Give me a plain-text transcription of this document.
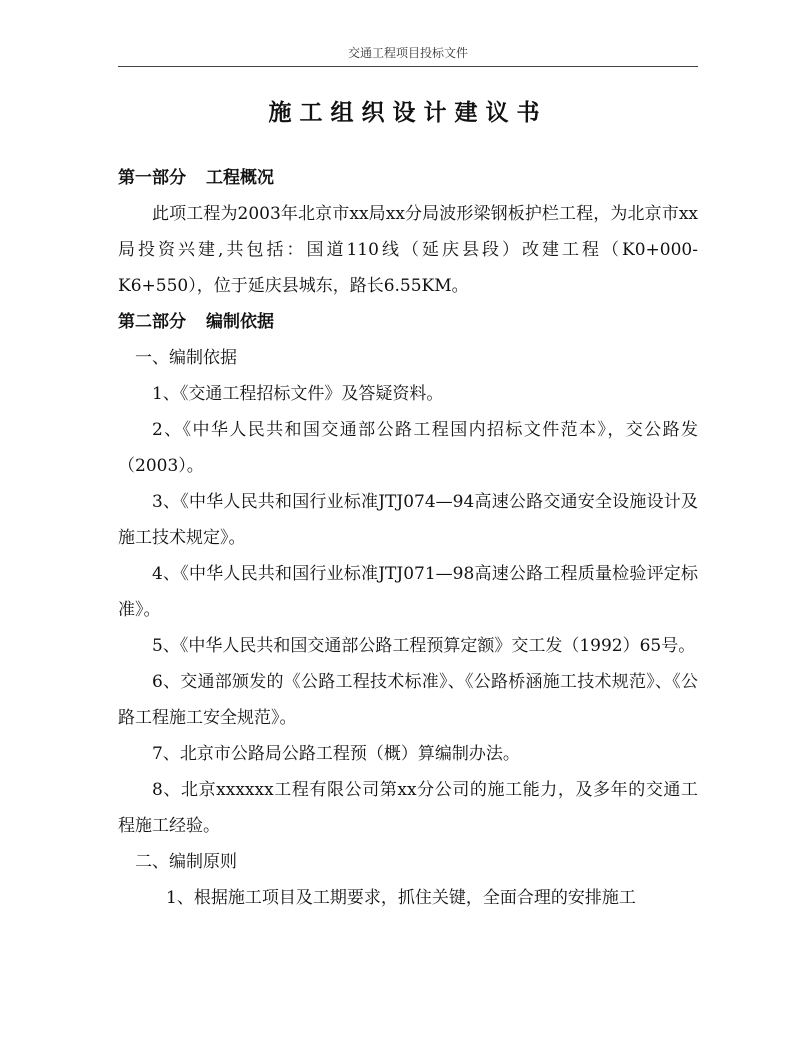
交通工程项目投标文件
施工组织设计建议书

第一部分 工程概况

此项工程为2003年北京市xx局xx分局波形梁钢板护栏工程，为北京市xx局投资兴建,共包括：国道110线（延庆县段）改建工程（K0+000-K6+550），位于延庆县城东，路长6.55KM。

第二部分 编制依据

一、编制依据

1、《交通工程招标文件》及答疑资料。

2、《中华人民共和国交通部公路工程国内招标文件范本》，交公路发（2003）。

3、《中华人民共和国行业标准JTJ074—94高速公路交通安全设施设计及施工技术规定》。

4、《中华人民共和国行业标准JTJ071—98高速公路工程质量检验评定标准》。

5、《中华人民共和国交通部公路工程预算定额》交工发（1992）65号。

6、交通部颁发的《公路工程技术标准》、《公路桥涵施工技术规范》、《公路工程施工安全规范》。

7、北京市公路局公路工程预（概）算编制办法。

8、北京xxxxxx工程有限公司第xx分公司的施工能力，及多年的交通工程施工经验。

二、编制原则

1、根据施工项目及工期要求，抓住关键，全面合理的安排施工
